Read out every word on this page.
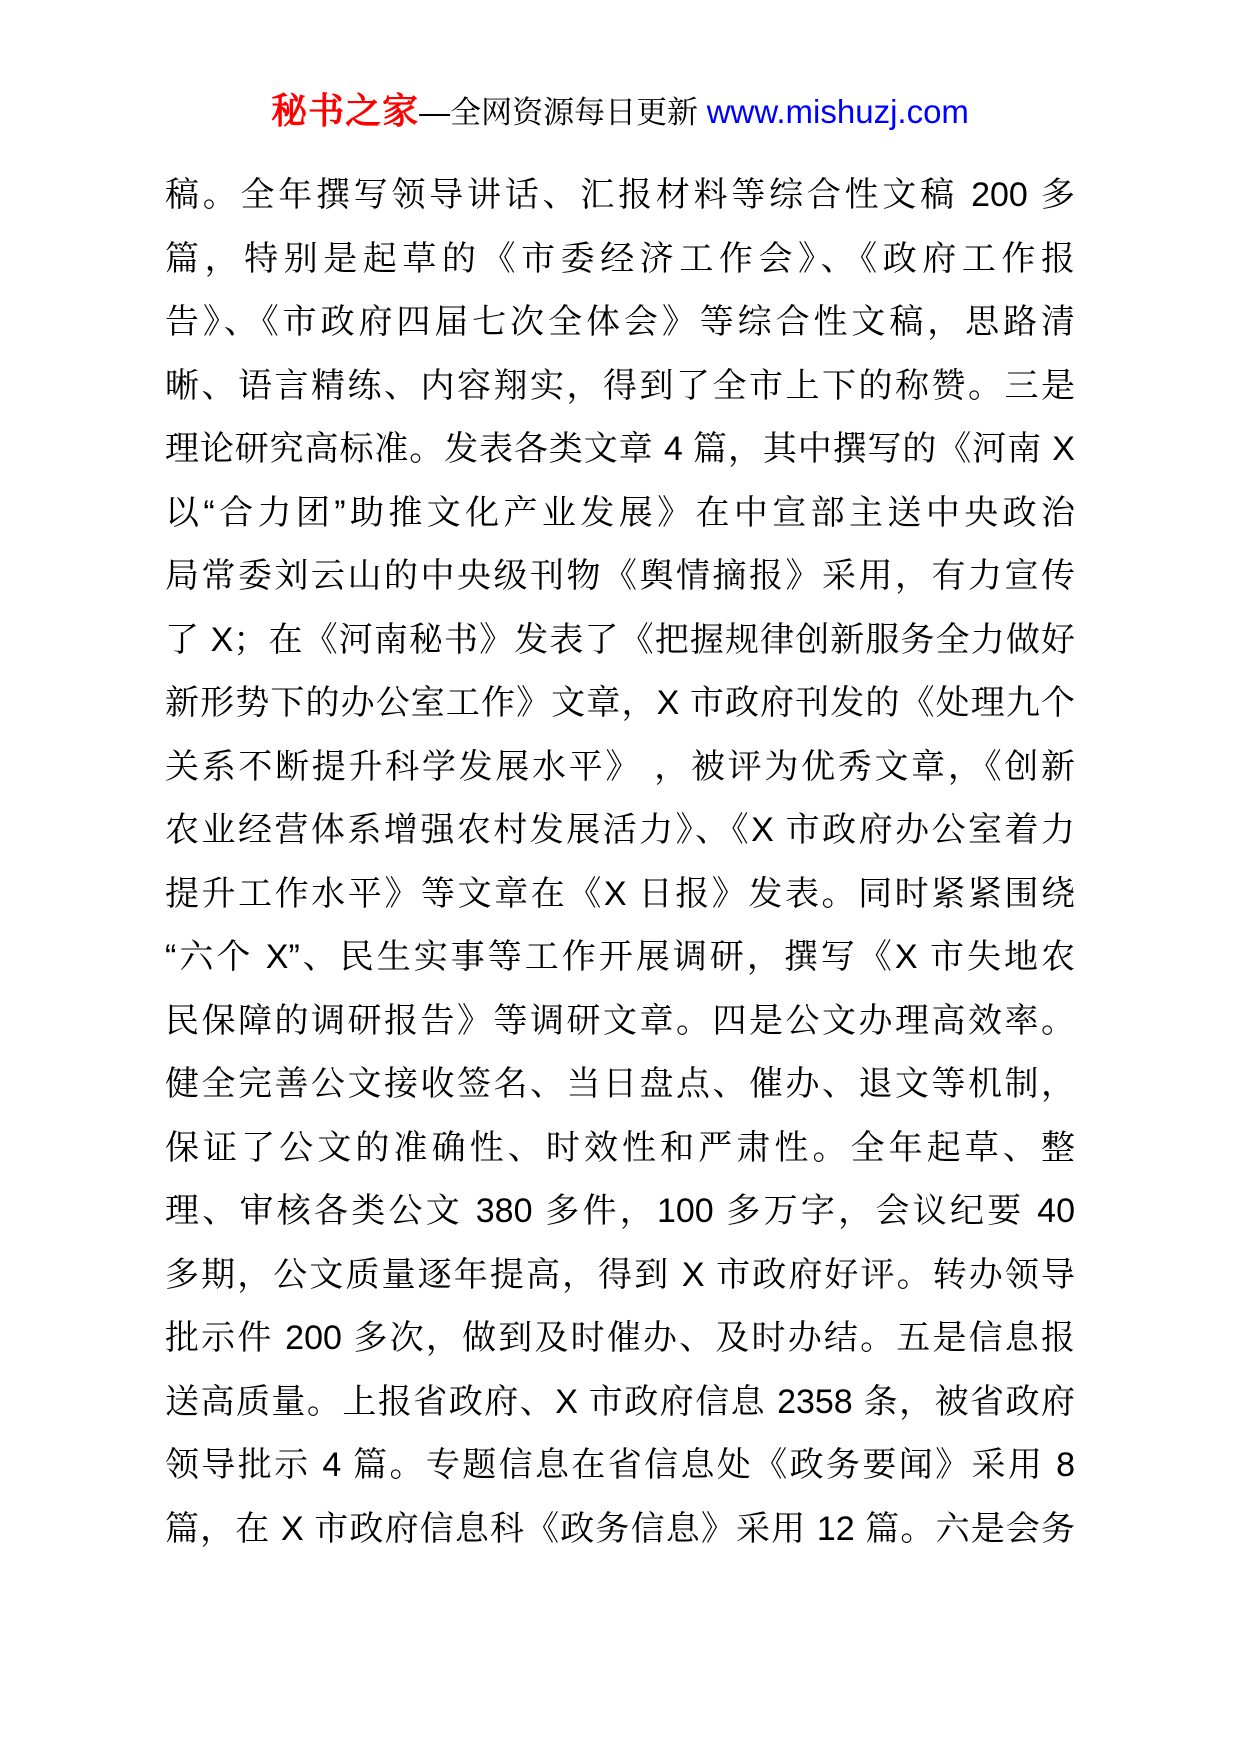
秘书之家—全网资源每日更新 www.mishuzj.com
稿。全年撰写领导讲话、汇报材料等综合性文稿 200 多
篇，特别是起草的《市委经济工作会》、《政府工作报
告》、《市政府四届七次全体会》等综合性文稿，思路清
晰、语言精练、内容翔实，得到了全市上下的称赞。三是
理论研究高标准。发表各类文章 4 篇，其中撰写的《河南 X
以“合力团”助推文化产业发展》在中宣部主送中央政治
局常委刘云山的中央级刊物《舆情摘报》采用，有力宣传
了 X；在《河南秘书》发表了《把握规律创新服务全力做好
新形势下的办公室工作》文章，X 市政府刊发的《处理九个
关系不断提升科学发展水平》 ，被评为优秀文章，《创新
农业经营体系增强农村发展活力》、《X 市政府办公室着力
提升工作水平》等文章在《X 日报》发表。同时紧紧围绕
“六个 X”、民生实事等工作开展调研，撰写《X 市失地农
民保障的调研报告》等调研文章。四是公文办理高效率。
健全完善公文接收签名、当日盘点、催办、退文等机制，
保证了公文的准确性、时效性和严肃性。全年起草、整
理、审核各类公文 380 多件，100 多万字，会议纪要 40
多期，公文质量逐年提高，得到 X 市政府好评。转办领导
批示件 200 多次，做到及时催办、及时办结。五是信息报
送高质量。上报省政府、X 市政府信息 2358 条，被省政府
领导批示 4 篇。专题信息在省信息处《政务要闻》采用 8
篇，在 X 市政府信息科《政务信息》采用 12 篇。六是会务
